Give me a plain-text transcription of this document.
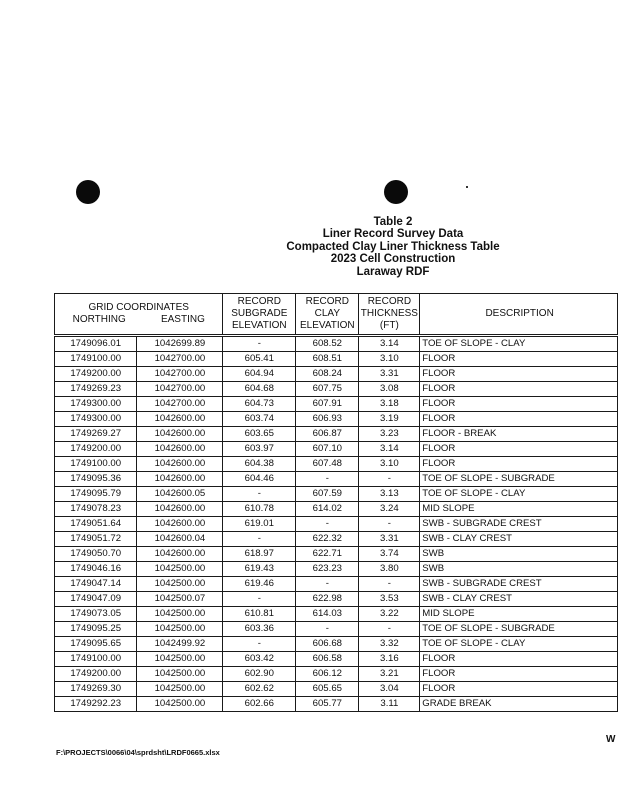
Table 2
Liner Record Survey Data
Compacted Clay Liner Thickness Table
2023 Cell Construction
Laraway RDF
GRID COORDINATES
NORTHING EASTING		RECORD SUBGRADE ELEVATION	RECORD CLAY ELEVATION	RECORD THICKNESS (FT)	DESCRIPTION

1749096.01	1042699.89	-	608.52	3.14	TOE OF SLOPE - CLAY
1749100.00	1042700.00	605.41	608.51	3.10	FLOOR
1749200.00	1042700.00	604.94	608.24	3.31	FLOOR
1749269.23	1042700.00	604.68	607.75	3.08	FLOOR
1749300.00	1042700.00	604.73	607.91	3.18	FLOOR
1749300.00	1042600.00	603.74	606.93	3.19	FLOOR
1749269.27	1042600.00	603.65	606.87	3.23	FLOOR - BREAK
1749200.00	1042600.00	603.97	607.10	3.14	FLOOR
1749100.00	1042600.00	604.38	607.48	3.10	FLOOR
1749095.36	1042600.00	604.46	-	-	TOE OF SLOPE - SUBGRADE
1749095.79	1042600.05	-	607.59	3.13	TOE OF SLOPE - CLAY
1749078.23	1042600.00	610.78	614.02	3.24	MID SLOPE
1749051.64	1042600.00	619.01	-	-	SWB - SUBGRADE CREST
1749051.72	1042600.04	-	622.32	3.31	SWB - CLAY CREST
1749050.70	1042600.00	618.97	622.71	3.74	SWB
1749046.16	1042500.00	619.43	623.23	3.80	SWB
1749047.14	1042500.00	619.46	-	-	SWB - SUBGRADE CREST
1749047.09	1042500.07	-	622.98	3.53	SWB - CLAY CREST
1749073.05	1042500.00	610.81	614.03	3.22	MID SLOPE
1749095.25	1042500.00	603.36	-	-	TOE OF SLOPE - SUBGRADE
1749095.65	1042499.92	-	606.68	3.32	TOE OF SLOPE - CLAY
1749100.00	1042500.00	603.42	606.58	3.16	FLOOR
1749200.00	1042500.00	602.90	606.12	3.21	FLOOR
1749269.30	1042500.00	602.62	605.65	3.04	FLOOR
1749292.23	1042500.00	602.66	605.77	3.11	GRADE BREAK
F:\PROJECTS\0066\04\sprdsht\LRDF0665.xlsx
W
